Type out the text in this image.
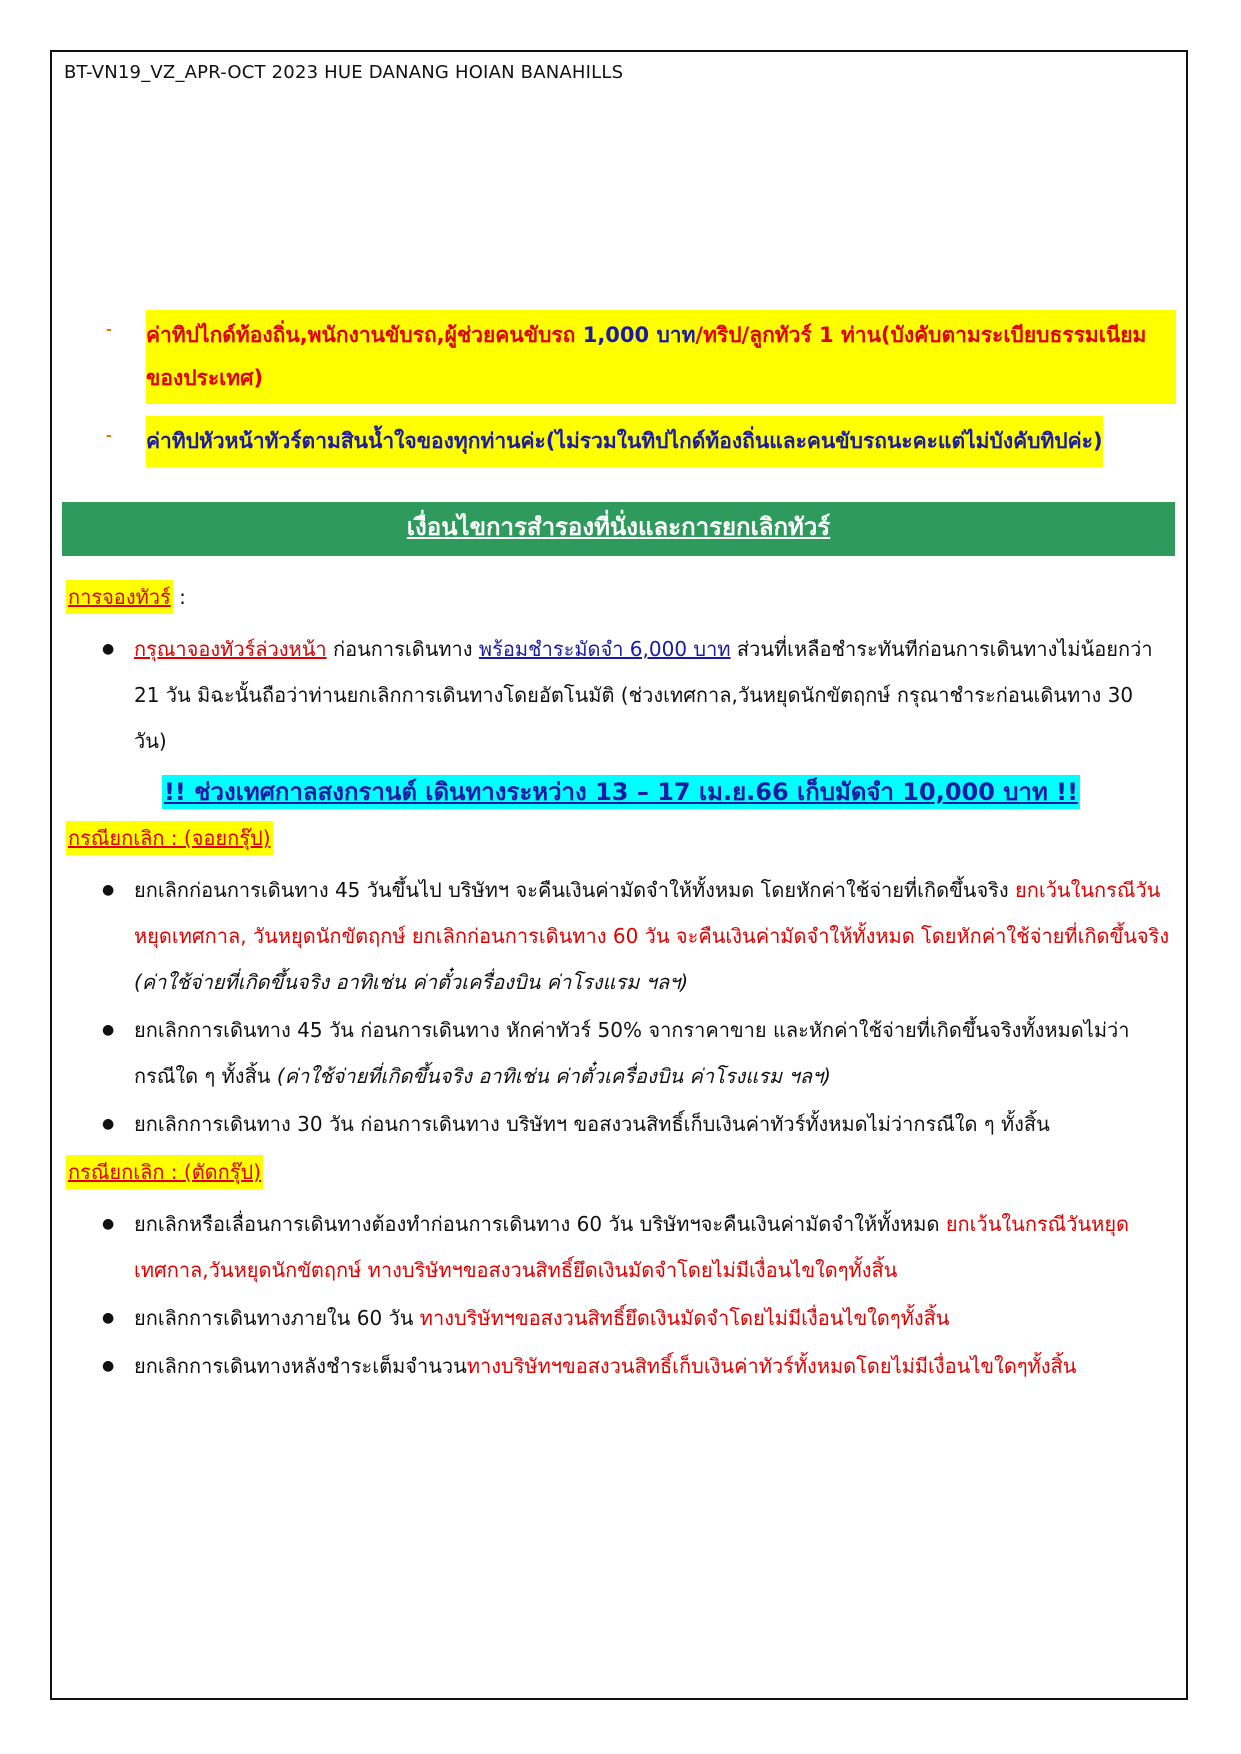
BT-VN19_VZ_APR-OCT 2023 HUE DANANG HOIAN BANAHILLS
-	ค่าทิปไกด์ท้องถิ่น,พนักงานขับรถ,ผู้ช่วยคนขับรถ 1,000 บาท/ทริป/ลูกทัวร์ 1 ท่าน(บังคับตามระเบียบธรรมเนียมของประเทศ)
-	ค่าทิปหัวหน้าทัวร์ตามสินน้ำใจของทุกท่านค่ะ(ไม่รวมในทิปไกด์ท้องถิ่นและคนขับรถนะคะแต่ไม่บังคับทิปค่ะ)
เงื่อนไขการสำรองที่นั่งและการยกเลิกทัวร์
การจองทัวร์ :
● กรุณาจองทัวร์ล่วงหน้า ก่อนการเดินทาง พร้อมชำระมัดจำ 6,000 บาท ส่วนที่เหลือชำระทันทีก่อนการเดินทางไม่น้อยกว่า 21 วัน มิฉะนั้นถือว่าท่านยกเลิกการเดินทางโดยอัตโนมัติ (ช่วงเทศกาล,วันหยุดนักขัตฤกษ์ กรุณาชำระก่อนเดินทาง 30 วัน)
!! ช่วงเทศกาลสงกรานต์ เดินทางระหว่าง 13 – 17 เม.ย.66 เก็บมัดจำ 10,000 บาท !!
กรณียกเลิก : (จอยกรุ๊ป)
● ยกเลิกก่อนการเดินทาง 45 วันขึ้นไป บริษัทฯ จะคืนเงินค่ามัดจำให้ทั้งหมด โดยหักค่าใช้จ่ายที่เกิดขึ้นจริง ยกเว้นในกรณีวันหยุดเทศกาล, วันหยุดนักขัตฤกษ์ ยกเลิกก่อนการเดินทาง 60 วัน จะคืนเงินค่ามัดจำให้ทั้งหมด โดยหักค่าใช้จ่ายที่เกิดขึ้นจริง (ค่าใช้จ่ายที่เกิดขึ้นจริง อาทิเช่น ค่าตั๋วเครื่องบิน ค่าโรงแรม ฯลฯ)
● ยกเลิกการเดินทาง 45 วัน ก่อนการเดินทาง หักค่าทัวร์ 50% จากราคาขาย และหักค่าใช้จ่ายที่เกิดขึ้นจริงทั้งหมดไม่ว่ากรณีใด ๆ ทั้งสิ้น (ค่าใช้จ่ายที่เกิดขึ้นจริง อาทิเช่น ค่าตั๋วเครื่องบิน ค่าโรงแรม ฯลฯ)
● ยกเลิกการเดินทาง 30 วัน ก่อนการเดินทาง บริษัทฯ ขอสงวนสิทธิ์เก็บเงินค่าทัวร์ทั้งหมดไม่ว่ากรณีใด ๆ ทั้งสิ้น
กรณียกเลิก : (ตัดกรุ๊ป)
● ยกเลิกหรือเลื่อนการเดินทางต้องทำก่อนการเดินทาง 60 วัน บริษัทฯจะคืนเงินค่ามัดจำให้ทั้งหมด ยกเว้นในกรณีวันหยุดเทศกาล,วันหยุดนักขัตฤกษ์ ทางบริษัทฯขอสงวนสิทธิ์ยึดเงินมัดจำโดยไม่มีเงื่อนไขใดๆทั้งสิ้น
● ยกเลิกการเดินทางภายใน 60 วัน ทางบริษัทฯขอสงวนสิทธิ์ยึดเงินมัดจำโดยไม่มีเงื่อนไขใดๆทั้งสิ้น
● ยกเลิกการเดินทางหลังชำระเต็มจำนวนทางบริษัทฯขอสงวนสิทธิ์เก็บเงินค่าทัวร์ทั้งหมดโดยไม่มีเงื่อนไขใดๆทั้งสิ้น
